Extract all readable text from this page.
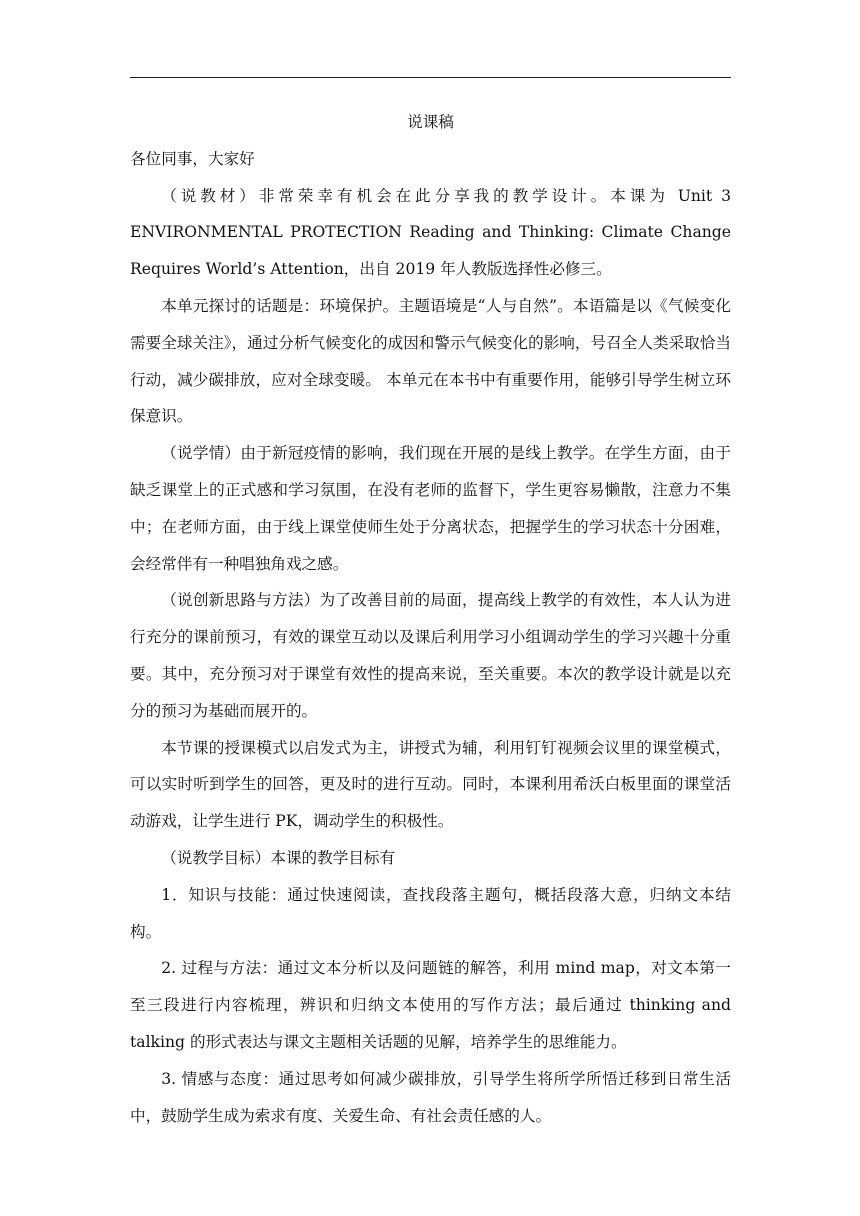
说课稿

各位同事，大家好

（说教材）非常荣幸有机会在此分享我的教学设计。本课为 Unit 3 ENVIRONMENTAL PROTECTION Reading and Thinking: Climate Change Requires World’s Attention，出自 2019 年人教版选择性必修三。

本单元探讨的话题是：环境保护。主题语境是“人与自然”。本语篇是以《气候变化需要全球关注》，通过分析气候变化的成因和警示气候变化的影响，号召全人类采取恰当行动，减少碳排放，应对全球变暖。 本单元在本书中有重要作用，能够引导学生树立环保意识。

（说学情）由于新冠疫情的影响，我们现在开展的是线上教学。在学生方面，由于缺乏课堂上的正式感和学习氛围，在没有老师的监督下，学生更容易懒散，注意力不集中；在老师方面，由于线上课堂使师生处于分离状态，把握学生的学习状态十分困难，会经常伴有一种唱独角戏之感。

（说创新思路与方法）为了改善目前的局面，提高线上教学的有效性，本人认为进行充分的课前预习，有效的课堂互动以及课后利用学习小组调动学生的学习兴趣十分重要。其中，充分预习对于课堂有效性的提高来说，至关重要。本次的教学设计就是以充分的预习为基础而展开的。

本节课的授课模式以启发式为主，讲授式为辅，利用钉钉视频会议里的课堂模式，可以实时听到学生的回答，更及时的进行互动。同时，本课利用希沃白板里面的课堂活动游戏，让学生进行 PK，调动学生的积极性。

（说教学目标）本课的教学目标有

1．知识与技能：通过快速阅读，查找段落主题句，概括段落大意，归纳文本结构。

2. 过程与方法：通过文本分析以及问题链的解答，利用 mind map，对文本第一至三段进行内容梳理，辨识和归纳文本使用的写作方法；最后通过 thinking and talking 的形式表达与课文主题相关话题的见解，培养学生的思维能力。

3. 情感与态度：通过思考如何减少碳排放，引导学生将所学所悟迁移到日常生活中，鼓励学生成为索求有度、关爱生命、有社会责任感的人。
